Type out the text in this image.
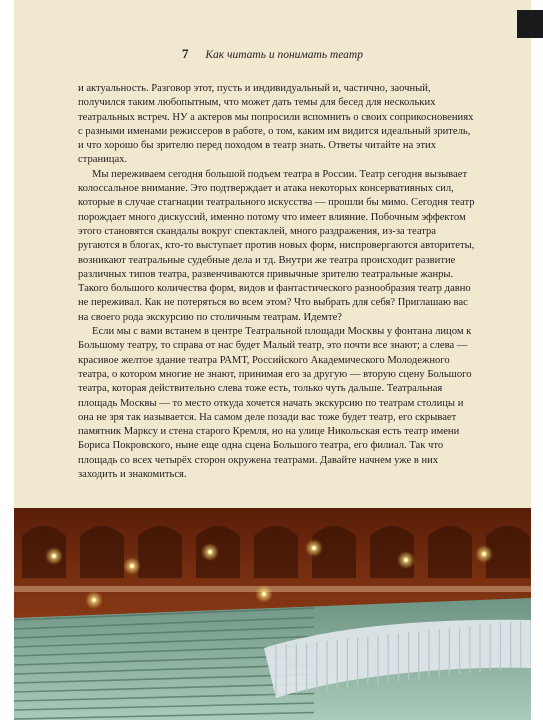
7 Как читать и понимать театр

и актуальность. Разговор этот, пусть и индивидуальный и, частично, заочный, получился таким любопытным, что может дать темы для бесед для нескольких театральных встреч. НУ а актеров мы попросили вспомнить о своих соприкосновениях с разными именами режиссеров в работе, о том, каким им видится идеальный зритель, и что хорошо бы зрителю перед походом в театр знать. Ответы читайте на этих страницах.

Мы переживаем сегодня большой подъем театра в России. Театр сегодня вызывает колоссальное внимание. Это подтверждает и атака некоторых консервативных сил, которые в случае стагнации театрального искусства — прошли бы мимо. Сегодня театр порождает много дискуссий, именно потому что имеет влияние. Побочным эффектом этого становятся скандалы вокруг спектаклей, много раздражения, из-за театра ругаются в блогах, кто-то выступает против новых форм, ниспровергаются авторитеты, возникают театральные судебные дела и тд. Внутри же театра происходит развитие различных типов театра, развенчиваются привычные зрителю театральные жанры. Такого большого количества форм, видов и фантастического разнообразия театр давно не переживал. Как не потеряться во всем этом? Что выбрать для себя? Приглашаю вас на своего рода экскурсию по столичным театрам. Идемте?

Если мы с вами встанем в центре Театральной площади Москвы у фонтана лицом к Большому театру, то справа от нас будет Малый театр, это почти все знают; а слева — красивое желтое здание театра РАМТ, Российского Академического Молодежного театра, о котором многие не знают, принимая его за другую — вторую сцену Большого театра, которая действительно слева тоже есть, только чуть дальше. Театральная площадь Москвы — то место откуда хочется начать экскурсию по театрам столицы и она не зря так называется. На самом деле позади вас тоже будет театр, его скрывает памятник Марксу и стена старого Кремля, но на улице Никольская есть театр имени Бориса Покровского, ныне еще одна сцена Большого театра, его филиал. Так что площадь со всех четырёх сторон окружена театрами. Давайте начнем уже в них заходить и знакомиться.
